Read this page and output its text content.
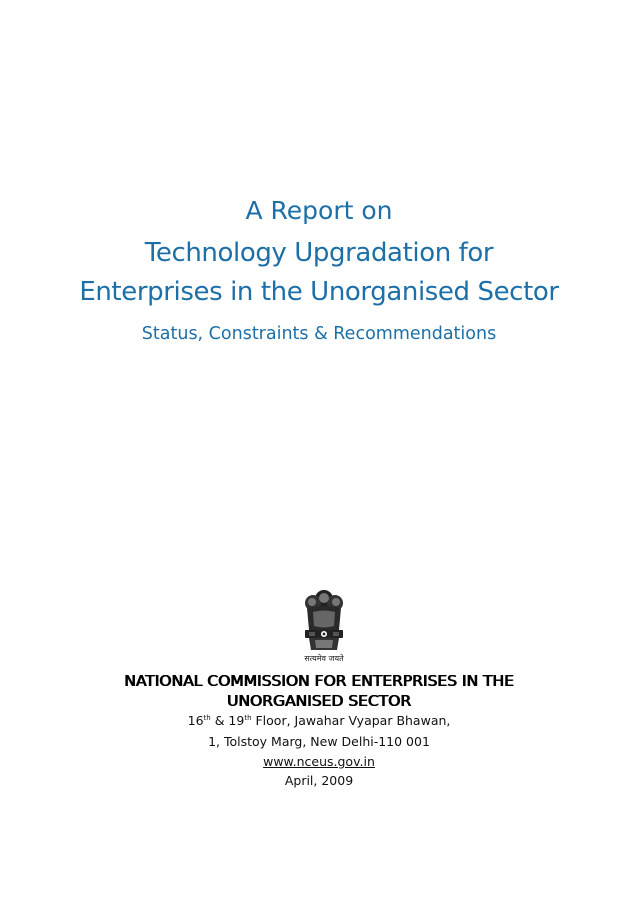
A Report on
Technology Upgradation for
Enterprises in the Unorganised Sector
Status, Constraints & Recommendations
सत्यमेव जयते
NATIONAL COMMISSION FOR ENTERPRISES IN THE
UNORGANISED SECTOR
16th & 19th Floor, Jawahar Vyapar Bhawan,
1, Tolstoy Marg, New Delhi-110 001
www.nceus.gov.in
April, 2009
